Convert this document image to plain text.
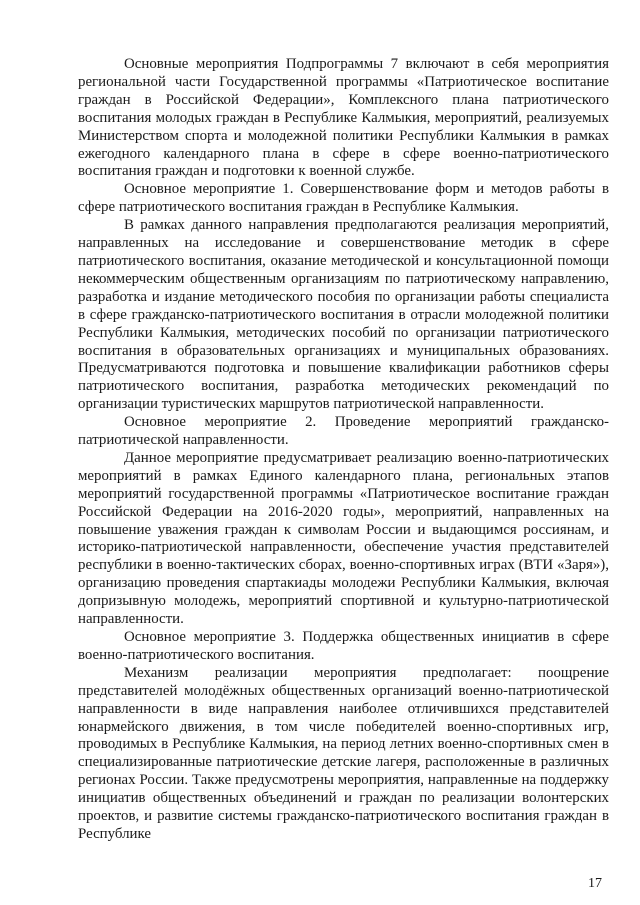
Основные мероприятия Подпрограммы 7 включают в себя мероприятия региональной части Государственной программы «Патриотическое воспитание граждан в Российской Федерации», Комплексного плана патриотического воспитания молодых граждан в Республике Калмыкия, мероприятий, реализуемых Министерством спорта и молодежной политики Республики Калмыкия в рамках ежегодного календарного плана в сфере в сфере военно-патриотического воспитания граждан и подготовки к военной службе.

Основное мероприятие 1. Совершенствование форм и методов работы в сфере патриотического воспитания граждан в Республике Калмыкия.

В рамках данного направления предполагаются реализация мероприятий, направленных на исследование и совершенствование методик в сфере патриотического воспитания, оказание методической и консультационной помощи некоммерческим общественным организациям по патриотическому направлению, разработка и издание методического пособия по организации работы специалиста в сфере гражданско-патриотического воспитания в отрасли молодежной политики Республики Калмыкия, методических пособий по организации патриотического воспитания в образовательных организациях и муниципальных образованиях. Предусматриваются подготовка и повышение квалификации работников сферы патриотического воспитания, разработка методических рекомендаций по организации туристических маршрутов патриотической направленности.

Основное мероприятие 2. Проведение мероприятий гражданско-патриотической направленности.

Данное мероприятие предусматривает реализацию военно-патриотических мероприятий в рамках Единого календарного плана, региональных этапов мероприятий государственной программы «Патриотическое воспитание граждан Российской Федерации на 2016-2020 годы», мероприятий, направленных на повышение уважения граждан к символам России и выдающимся россиянам, и историко-патриотической направленности, обеспечение участия представителей республики в военно-тактических сборах, военно-спортивных играх (ВТИ «Заря»), организацию проведения спартакиады молодежи Республики Калмыкия, включая допризывную молодежь, мероприятий спортивной и культурно-патриотической направленности.

Основное мероприятие 3. Поддержка общественных инициатив в сфере военно-патриотического воспитания.

Механизм реализации мероприятия предполагает: поощрение представителей молодёжных общественных организаций военно-патриотической направленности в виде направления наиболее отличившихся представителей юнармейского движения, в том числе победителей военно-спортивных игр, проводимых в Республике Калмыкия, на период летних военно-спортивных смен в специализированные патриотические детские лагеря, расположенные в различных регионах России. Также предусмотрены мероприятия, направленные на поддержку инициатив общественных объединений и граждан по реализации волонтерских проектов, и развитие системы гражданско-патриотического воспитания граждан в Республике

17
